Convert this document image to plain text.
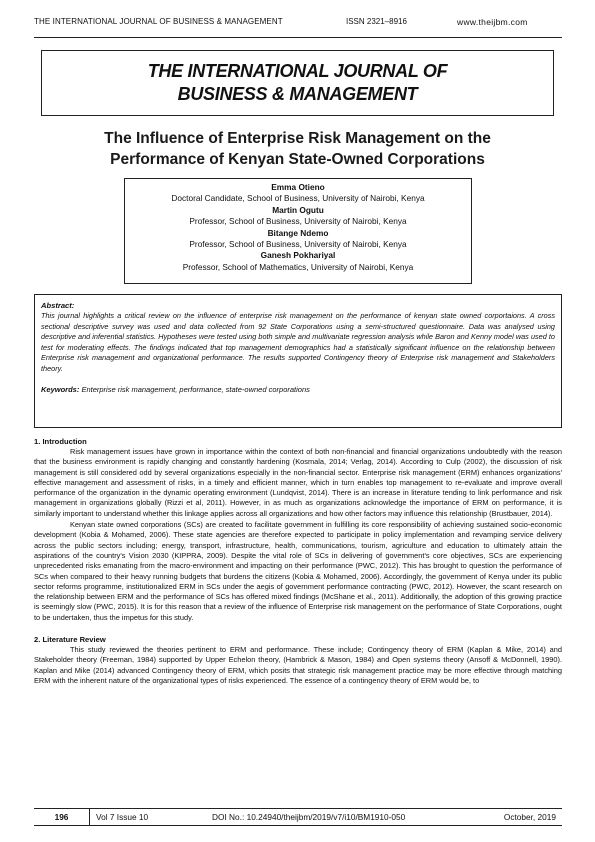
THE INTERNATIONAL JOURNAL OF BUSINESS & MANAGEMENT	ISSN 2321–8916	www.theijbm.com
THE INTERNATIONAL JOURNAL OF
BUSINESS & MANAGEMENT
The Influence of Enterprise Risk Management on the
Performance of Kenyan State-Owned Corporations
Emma Otieno
Doctoral Candidate, School of Business, University of Nairobi, Kenya
Martin Ogutu
Professor, School of Business, University of Nairobi, Kenya
Bitange Ndemo
Professor, School of Business, University of Nairobi, Kenya
Ganesh Pokhariyal
Professor, School of Mathematics, University of Nairobi, Kenya
Abstract:
This journal highlights a critical review on the influence of enterprise risk management on the performance of kenyan state owned corportaions. A cross sectional descriptive survey was used and data collected from 92 State Corporations using a semi-structured questionnaire. Data was analysed using descriptive and inferential statistics. Hypotheses were tested using both simple and multivariate regression analysis while Baron and Kenny model was used to test for moderating effects. The findings indicated that top management demographics had a statistically significant influence on the relationship between Enterprise risk management and organizational performance. The results supported Contingency theory of Enterprise risk management and Stakeholders theory.
Keywords: Enterprise risk management, performance, state-owned corporations
1. Introduction

Risk management issues have grown in importance within the context of both non-financial and financial organizations undoubtedly with the reason that the business environment is rapidly changing and constantly hardening (Kosmala, 2014; Verlag, 2014). According to Culp (2002), the discussion of risk management is still considered odd by several organizations especially in the non-financial sector. Enterprise risk management (ERM) enhances organizations' effective management and assessment of risks, in a timely and efficient manner, which in turn enables top management to re-evaluate and improve overall performance of the organization in the dynamic operating environment (Lundqvist, 2014). There is an increase in literature tending to link performance and risk management in organizations globally (Rizzi et al, 2011). However, in as much as organizations acknowledge the importance of ERM on performance, it is similarly important to understand whether this linkage applies across all organizations and how other factors may influence this relationship (Brustbauer, 2014).

Kenyan state owned corporations (SCs) are created to facilitate government in fulfilling its core responsibility of achieving sustained socio-economic development (Kobia & Mohamed, 2006). These state agencies are therefore expected to participate in policy implementation and revamping service delivery across the public sectors including; energy, transport, infrastructure, health, communications, tourism, agriculture and education to ultimately attain the aspirations of the country's Vision 2030 (KIPPRA, 2009). Despite the vital role of SCs in delivering of government's core objectives, SCs are experiencing unprecedented risks emanating from the macro-environment and impacting on their performance (PWC, 2012). This has brought to question the performance of SCs when compared to their heavy running budgets that burdens the citizens (Kobia & Mohamed, 2006). Accordingly, the government of Kenya under its public sector reforms programme, institutionalized ERM in SCs under the aegis of government performance contracting (PWC, 2012). However, the scant research on the relationship between ERM and the performance of SCs has offered mixed findings (McShane et al., 2011). Additionally, the adoption of this growing practice is seemingly slow (PWC, 2015). It is for this reason that a review of the influence of Enterprise risk management on the performance of State Corporations, ought to be undertaken, thus the impetus for this study.

2. Literature Review

This study reviewed the theories pertinent to ERM and performance. These include; Contingency theory of ERM (Kaplan & Mike, 2014) and Stakeholder theory (Freeman, 1984) supported by Upper Echelon theory, (Hambrick & Mason, 1984) and Open systems theory (Ansoff & McDonnell, 1990). Kaplan and Mike (2014) advanced Contingency theory of ERM, which posits that strategic risk management practice may be more effective through matching ERM with the inherent nature of the organizational types of risks experienced. The essence of a contingency theory of ERM would be, to

196	Vol 7 Issue 10	DOI No.: 10.24940/theijbm/2019/v7/i10/BM1910-050	October, 2019
